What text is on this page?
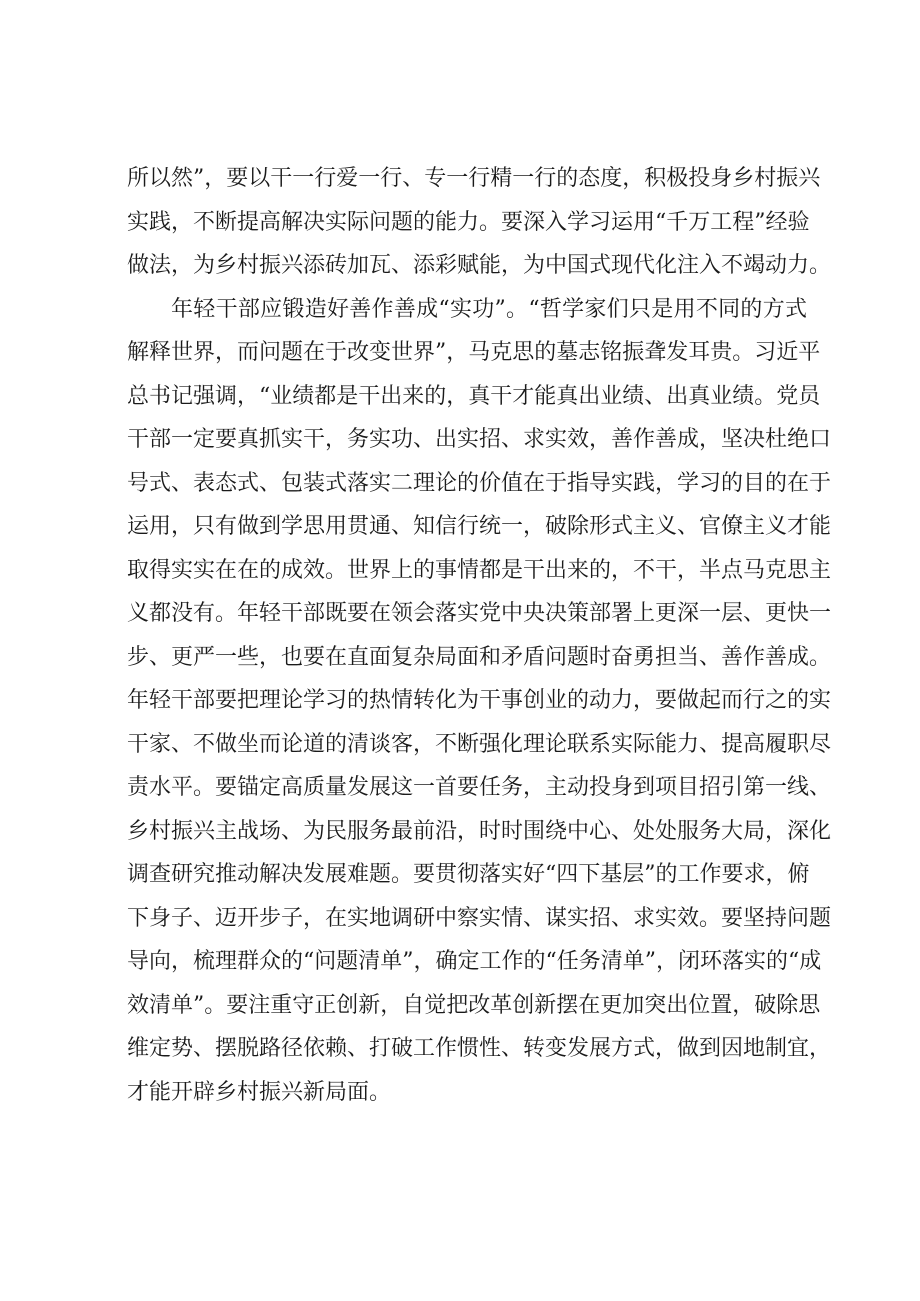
所以然”，要以干一行爱一行、专一行精一行的态度，积极投身乡村振兴
实践，不断提高解决实际问题的能力。要深入学习运用“千万工程”经验
做法，为乡村振兴添砖加瓦、添彩赋能，为中国式现代化注入不竭动力。
年轻干部应锻造好善作善成“实功”。“哲学家们只是用不同的方式
解释世界，而问题在于改变世界”，马克思的墓志铭振聋发耳贵。习近平
总书记强调，“业绩都是干出来的，真干才能真出业绩、出真业绩。党员
干部一定要真抓实干，务实功、出实招、求实效，善作善成，坚决杜绝口
号式、表态式、包装式落实二理论的价值在于指导实践，学习的目的在于
运用，只有做到学思用贯通、知信行统一，破除形式主义、官僚主义才能
取得实实在在的成效。世界上的事情都是干出来的，不干，半点马克思主
义都没有。年轻干部既要在领会落实党中央决策部署上更深一层、更快一
步、更严一些，也要在直面复杂局面和矛盾问题时奋勇担当、善作善成。
年轻干部要把理论学习的热情转化为干事创业的动力，要做起而行之的实
干家、不做坐而论道的清谈客，不断强化理论联系实际能力、提高履职尽
责水平。要锚定高质量发展这一首要任务，主动投身到项目招引第一线、
乡村振兴主战场、为民服务最前沿，时时围绕中心、处处服务大局，深化
调查研究推动解决发展难题。要贯彻落实好“四下基层”的工作要求，俯
下身子、迈开步子，在实地调研中察实情、谋实招、求实效。要坚持问题
导向，梳理群众的“问题清单”，确定工作的“任务清单”，闭环落实的“成
效清单”。要注重守正创新，自觉把改革创新摆在更加突出位置，破除思
维定势、摆脱路径依赖、打破工作惯性、转变发展方式，做到因地制宜，
才能开辟乡村振兴新局面。
